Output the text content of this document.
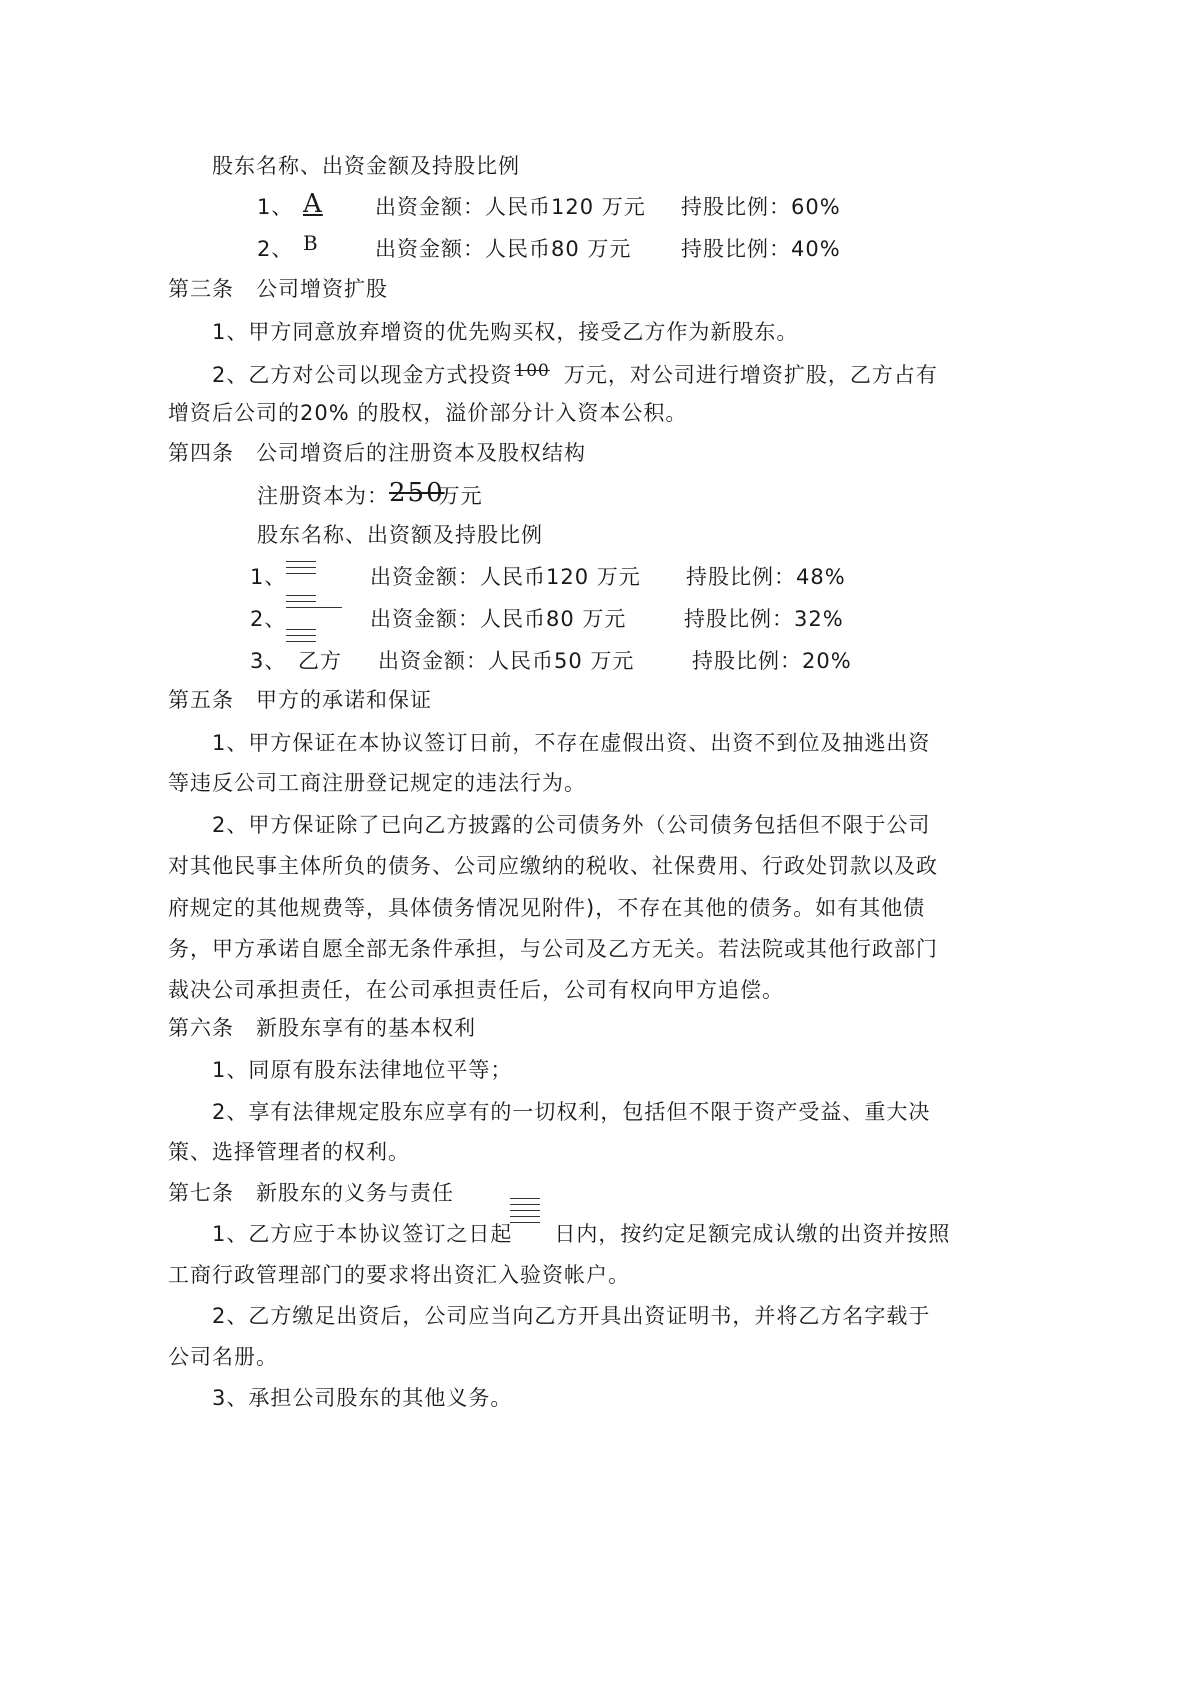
股东名称、出资金额及持股比例
1、 A 出资金额：人民币120 万元 持股比例：60%
2、 B	出资金额：人民币80 万元 持股比例：40%
第三条　公司增资扩股
1、甲方同意放弃增资的优先购买权，接受乙方作为新股东。
2、乙方对公司以现金方式投资 $^{100}$ 万元，对公司进行增资扩股，乙方占有
增资后公司的20% 的股权，溢价部分计入资本公积。
第四条　公司增资后的注册资本及股权结构
注册资本为：250万元
股东名称、出资额及持股比例
1、	出资金额：人民币120 万元 持股比例：48%
2、	出资金额：人民币80 万元	持股比例：32%
3、 乙方 出资金额：人民币50 万元	持股比例：20%
第五条　甲方的承诺和保证
1、甲方保证在本协议签订日前，不存在虚假出资、出资不到位及抽逃出资
等违反公司工商注册登记规定的违法行为。
2、甲方保证除了已向乙方披露的公司债务外（公司债务包括但不限于公司
对其他民事主体所负的债务、公司应缴纳的税收、社保费用、行政处罚款以及政
府规定的其他规费等，具体债务情况见附件)，不存在其他的债务。如有其他债
务，甲方承诺自愿全部无条件承担，与公司及乙方无关。若法院或其他行政部门
裁决公司承担责任，在公司承担责任后，公司有权向甲方追偿。
第六条　新股东享有的基本权利
1、同原有股东法律地位平等；
2、享有法律规定股东应享有的一切权利，包括但不限于资产受益、重大决
策、选择管理者的权利。
第七条　新股东的义务与责任
1、乙方应于本协议签订之日起 日内，按约定足额完成认缴的出资并按照
工商行政管理部门的要求将出资汇入验资帐户。
2、乙方缴足出资后，公司应当向乙方开具出资证明书，并将乙方名字载于
公司名册。
3、承担公司股东的其他义务。
